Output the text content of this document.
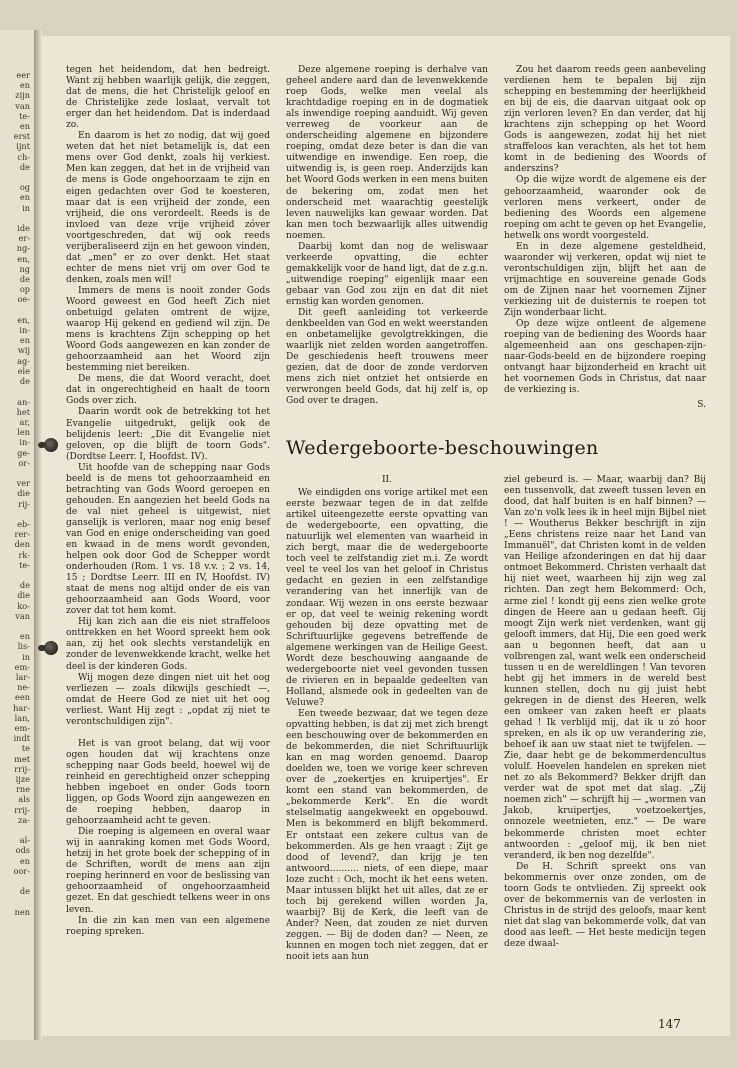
eer
en
zijn
van
te-
en
erst
ijnt
ch-
de

og
en
in

ide
er-
ng-
en,
ng
de
op
oe-

en,
in-
en
wij
ag-
ele
de

an-
het
ar,
len
in-
ge-
or-

ver
die
rij-

eb-
rer-
den
rk-
te-

de
die
ko-
van

en
lis-
in
em-
lar-
ne-
een
har-
lan,
em-
indt
te
met
rrij-
ijze
rne
als
rrij-
za-

al-
ods
en
oor-

de

nen

tegen het heidendom, dat hen bedreigt. Want zij hebben waarlijk gelijk, die zeggen, dat de mens, die het Christelijk geloof en de Christelijke zede loslaat, vervalt tot erger dan het heidendom. Dat is inderdaad zo.

En daarom is het zo nodig, dat wij goed weten dat het niet betamelijk is, dat een mens over God denkt, zoals hij verkiest. Men kan zeggen, dat het in de vrijheid van de mens is Gode ongehoorzaam te zijn en eigen gedachten over God te koesteren, maar dat is een vrijheid der zonde, een vrijheid, die ons verordeelt. Reeds is de invloed van deze vrije vrijheid zóver voortgeschreden, dat wij ook reeds verijberaliseerd zijn en het gewoon vinden, dat „men" er zo over denkt. Het staat echter de mens niet vrij om over God te denken, zoals men wil!

Immers de mens is nooit zonder Gods Woord geweest en God heeft Zich niet onbetuigd gelaten omtrent de wijze, waarop Hij gekend en gediend wil zijn. De mens is krachtens Zijn schepping op het Woord Gods aangewezen en kan zonder de gehoorzaamheid aan het Woord zijn bestemming niet bereiken.

De mens, die dat Woord veracht, doet dat in ongerechtigheid en haalt de toorn Gods over zich.

Daarin wordt ook de betrekking tot het Evangelie uitgedrukt, gelijk ook de belijdenis leert: „Die dit Evangelie niet geloven, op die blijft de toorn Gods". (Dordtse Leerr. I, Hoofdst. IV).

Uit hoofde van de schepping naar Gods beeld is de mens tot gehoorzaamheid en betrachting van Gods Woord geroepen en gehouden. En aangezien het beeld Gods na de val niet geheel is uitgewist, niet ganselijk is verloren, maar nog enig besef van God en enige onderscheiding van goed en kwaad in de mens wordt gevonden, helpen ook door God de Schepper wordt onderhouden (Rom. 1 vs. 18 v.v. ; 2 vs. 14, 15 ; Dordtse Leerr. III en IV, Hoofdst. IV) staat de mens nog altijd onder de eis van gehoorzaamheid aan Gods Woord, voor zover dat tot hem komt.

Hij kan zich aan die eis niet straffeloos onttrekken en het Woord spreekt hem ook aan, zij het ook slechts verstandelijk en zonder de levenwekkende kracht, welke het deel is der kinderen Gods.

Wij mogen deze dingen niet uit het oog verliezen — zoals dikwijls geschiedt —, omdat de Heere God ze niet uit het oog verliest. Want Hij zegt : „opdat zij niet te verontschuldigen zijn".

Het is van groot belang, dat wij voor ogen houden dat wij krachtens onze schepping naar Gods beeld, hoewel wij de reinheid en gerechtigheid onzer schepping hebben ingeboet en onder Gods toorn liggen, op Gods Woord zijn aangewezen en de roeping hebben, daarop in gehoorzaamheid acht te geven.

Die roeping is algemeen en overal waar wij in aanraking komen met Gods Woord, hetzij in het grote boek der schepping of in de Schriften, wordt de mens aan zijn roeping herinnerd en voor de beslissing van gehoorzaamheid of ongehoorzaamheid gezet. En dat geschiedt telkens weer in ons leven.

In die zin kan men van een algemene roeping spreken.

Deze algemene roeping is derhalve van geheel andere aard dan de levenwekkende roep Gods, welke men veelal als krachtdadige roeping en in de dogmatiek als inwendige roeping aanduidt. Wij geven verreweg de voorkeur aan de onderscheiding algemene en bijzondere roeping, omdat deze beter is dan die van uitwendige en inwendige. Een roep, die uitwendig is, is geen roep. Anderzijds kan het Woord Gods werken in een mens buiten de bekering om, zodat men het onderscheid met waarachtig geestelijk leven nauwelijks kan gewaar worden. Dat kan men toch bezwaarlijk alles uitwendig noemen.

Daarbij komt dan nog de weliswaar verkeerde opvatting, die echter gemakkelijk voor de hand ligt, dat de z.g.n. „uitwendige roeping" eigenlijk maar een gebaar van God zou zijn en dat dit niet ernstig kan worden genomen.

Dit geeft aanleiding tot verkeerde denkbeelden van God en wekt weerstanden en onbetamelijke gevolgtrekkingen, die waarlijk niet zelden worden aangetroffen. De geschiedenis heeft trouwens meer gezien, dat de door de zonde verdorven mens zich niet ontziet het ontsierde en verwrongen beeld Gods, dat hij zelf is, op God over te dragen.

Zou het daarom reeds geen aanbeveling verdienen hem te bepalen bij zijn schepping en bestemming der heerlijkheid en bij de eis, die daarvan uitgaat ook op zijn verloren leven? En dan verder, dat hij krachtens zijn schepping op het Woord Gods is aangewezen, zodat hij het niet straffeloos kan verachten, als het tot hem komt in de bediening des Woords of anderszins?

Op die wijze wordt de algemene eis der gehoorzaamheid, waaronder ook de verloren mens verkeert, onder de bediening des Woords een algemene roeping om acht te geven op het Evangelie, hetwelk ons wordt voorgesteld.

En in deze algemene gesteldheid, waaronder wij verkeren, opdat wij niet te verontschuldigen zijn, blijft het aan de vrijmachtige en souvereine genade Gods om de Zijnen naar het voornemen Zijner verkiezing uit de duisternis te roepen tot Zijn wonderbaar licht.

Op deze wijze ontleent de algemene roeping van de bediening des Woords haar algemeenheid aan ons geschapen-zijn-naar-Gods-beeld en de bijzondere roeping ontvangt haar bijzonderheid en kracht uit het voornemen Gods in Christus, dat naar de verkiezing is.

S.

Wedergeboorte-beschouwingen

II.

We eindigden ons vorige artikel met een eerste bezwaar tegen de in dat zelfde artikel uiteengezette eerste opvatting van de wedergeboorte, een opvatting, die natuurlijk wel elementen van waarheid in zich bergt, maar die de wedergeboorte toch veel te zelfstandig ziet m.i. Ze wordt veel te veel los van het geloof in Christus gedacht en gezien in een zelfstandige verandering van het innerlijk van de zondaar. Wij wezen in ons eerste bezwaar er op, dat veel te weinig rekening wordt gehouden bij deze opvatting met de Schriftuurlijke gegevens betreffende de algemene werkingen van de Heilige Geest. Wordt deze beschouwing aangaande de wedergeboorte niet veel gevonden tussen de rivieren en in bepaalde gedeelten van Holland, alsmede ook in gedeelten van de Veluwe?

Een tweede bezwaar, dat we tegen deze opvatting hebben, is dat zij met zich brengt een beschouwing over de bekommerden en de bekommerden, die niet Schriftuurlijk kan en mag worden genoemd. Daarop doelden we, toen we vorige keer schreven over de „zoekertjes en kruipertjes". Er komt een stand van bekommerden, de „bekommerde Kerk". En die wordt stelselmatig aangekweekt en opgebouwd. Men is bekommerd en blijft bekommerd. Er ontstaat een zekere cultus van de bekommerden. Als ge hen vraagt : Zijt ge dood of levend?, dan krijg je ten antwoord.......... niets, of een diepe, maar loze zucht : Och, mocht ik het eens weten. Maar intussen blijkt het uit alles, dat ze er toch bij gerekend willen worden Ja, waarbij? Bij de Kerk, die leeft van de Ander? Neen, dat zouden ze niet durven zeggen. — Bij de doden dan? — Neen, ze kunnen en mogen toch niet zeggen, dat er nooit iets aan hun

ziel gebeurd is. — Maar, waarbij dan? Bij een tussenvolk, dat zweeft tussen leven en dood, dat half buiten is en half binnen? — Van zo'n volk lees ik in heel mijn Bijbel niet ! — Woutherus Bekker beschrijft in zijn „Eens christens reize naar het Land van Immanuël", dat Christen komt in de velden van Heilige afzonderingen en dat hij daar ontmoet Bekommerd. Christen verhaalt dat hij niet weet, waarheen hij zijn weg zal richten. Dan zegt hem Bekommerd: Och, arme ziel ! kondt gij eens zien welke grote dingen de Heere aan u gedaan heeft. Gij moogt Zijn werk niet verdenken, want gij gelooft immers, dat Hij, Die een goed werk aan u begonnen heeft, dat aan u volbrengen zal, want welk een onderscheid tussen u en de wereldlingen ! Van tevoren hebt gij het immers in de wereld best kunnen stellen, doch nu gij juist hebt gekregen in de dienst des Heeren, welk een omkeer van zaken heeft er plaats gehad ! Ik verblijd mij, dat ik u zó hoor spreken, en als ik op uw verandering zie, behoef ik aan uw staat niet te twijfelen. — Zie, daar hebt ge de bekommerdencultus volulf. Hoevelen handelen en spreken niet net zo als Bekommerd? Bekker drijft dan verder wat de spot met dat slag. „Zij noemen zich" — schrijft hij — „wormen van Jakob, kruipertjes, voetzoekertjes, onnozele weetnieten, enz." — De ware bekommerde christen moet echter antwoorden : „geloof mij, ik ben niet veranderd, ik ben nog dezelfde".

De H. Schrift spreekt ons van bekommernis over onze zonden, om de toorn Gods te ontvlieden. Zij spreekt ook over de bekommernis van de verlosten in Christus in de strijd des geloofs, maar kent niet dat slag van bekommerde volk, dat van dood aas leeft. — Het beste medicijn tegen deze dwaal-

147
